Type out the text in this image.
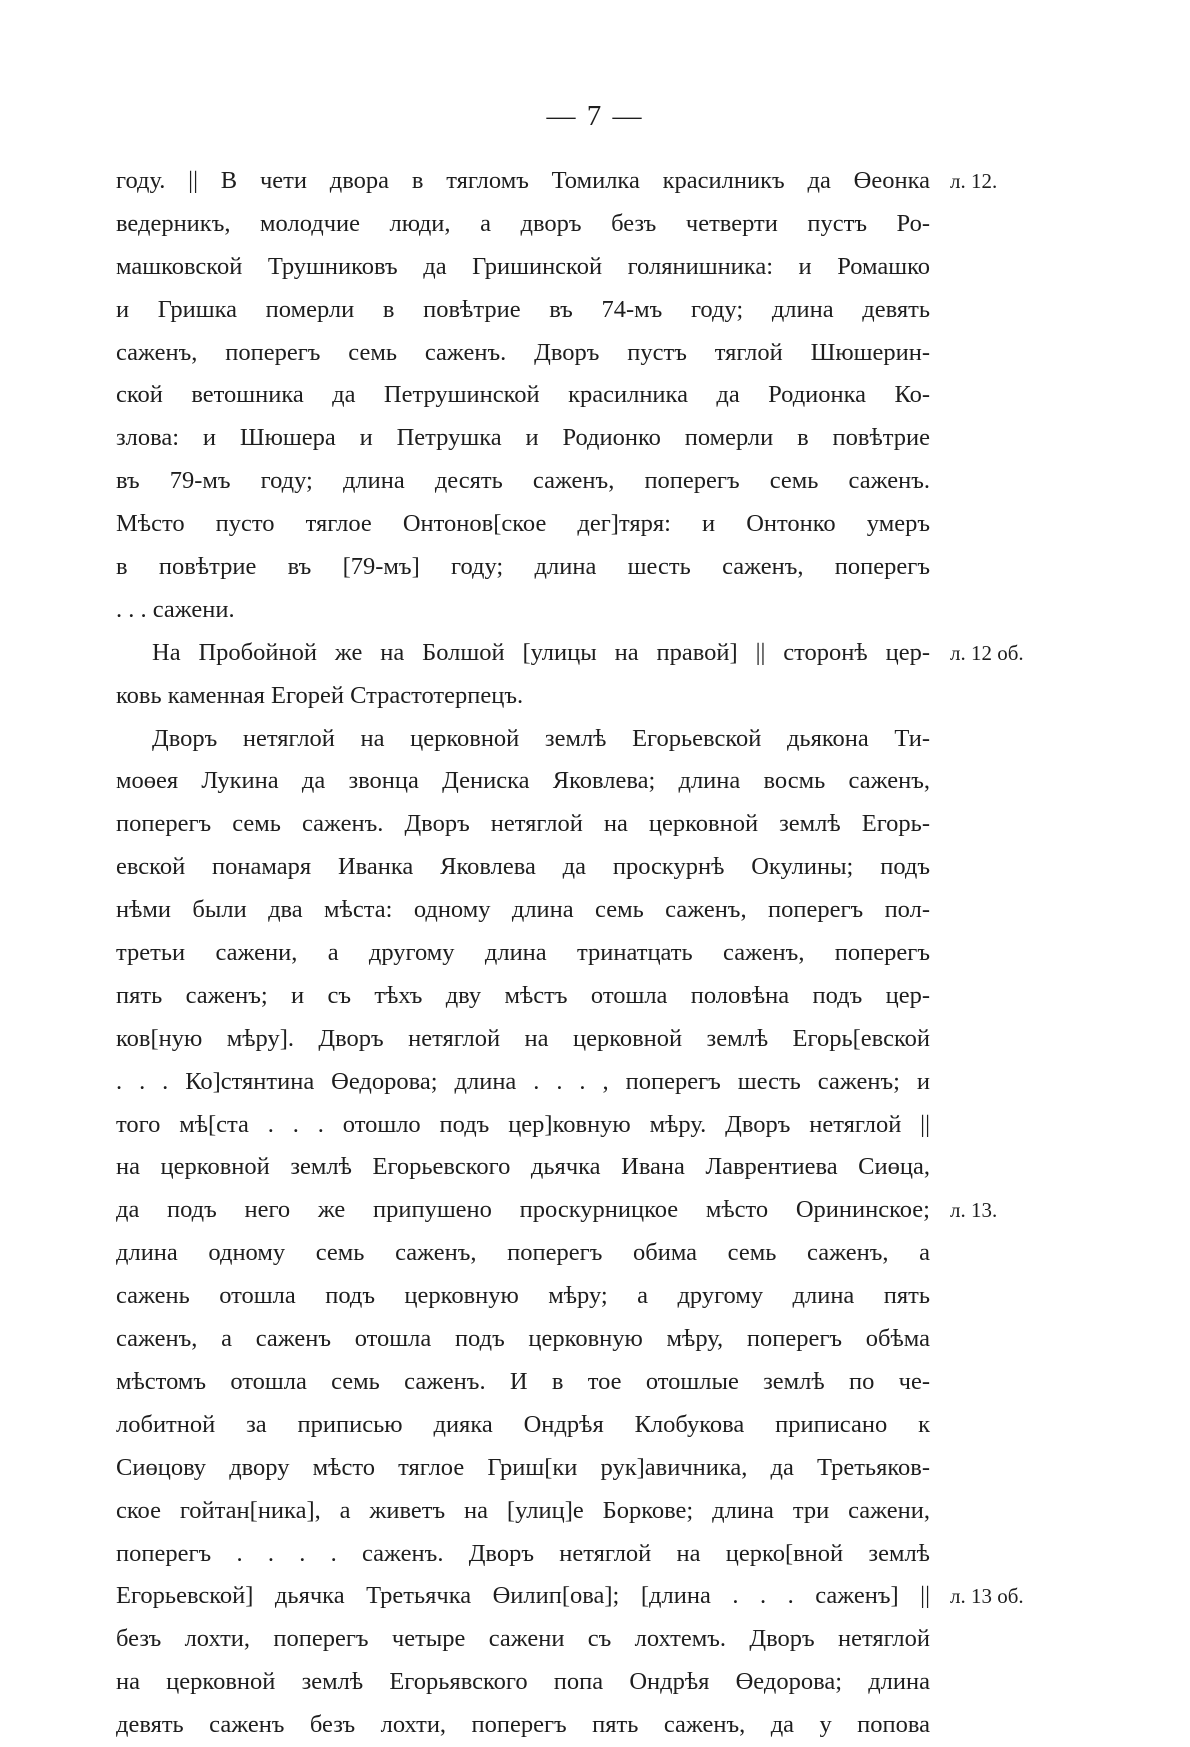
— 7 —
году. || В чети двора в тягломъ Томилка красилникъ да Өеонка
ведерникъ, молодчие люди, а дворъ безъ четверти пустъ Ро-
машковской Трушниковъ да Гришинской голянишника: и Ромашко
и Гришка померли в повѣтрие въ 74-мъ году; длина девять
саженъ, поперегъ семь саженъ. Дворъ пустъ тяглой Шюшерин-
ской ветошника да Петрушинской красилника да Родионка Ко-
злова: и Шюшера и Петрушка и Родионко померли в повѣтрие
въ 79-мъ году; длина десять саженъ, поперегъ семь саженъ.
Мѣсто пусто тяглое Онтонов[ское дег]тяря: и Онтонко умеръ
в повѣтрие въ [79-мъ] году; длина шесть саженъ, поперегъ
. . . сажени.
На Пробойной же на Болшой [улицы на правой] || сторонѣ цер-
ковь каменная Егорей Страстотерпецъ.
Дворъ нетяглой на церковной землѣ Егорьевской дьякона Ти-
моөея Лукина да звонца Дениска Яковлева; длина восмь саженъ,
поперегъ семь саженъ. Дворъ нетяглой на церковной землѣ Егорь-
евской понамаря Иванка Яковлева да проскурнѣ Окулины; подъ
нѣми были два мѣста: одному длина семь саженъ, поперегъ пол-
третьи сажени, а другому длина тринатцать саженъ, поперегъ
пять саженъ; и съ тѣхъ дву мѣстъ отошла половѣна подъ цер-
ков[ную мѣру]. Дворъ нетяглой на церковной землѣ Егорь[евской
. . . Ко]стянтина Өедорова; длина . . . , поперегъ шесть саженъ; и
того мѣ[ста . . . отошло подъ цер]ковную мѣру. Дворъ нетяглой ||
на церковной землѣ Егорьевского дьячка Ивана Лаврентиева Сиөца,
да подъ него же припушено проскурницкое мѣсто Орининское;
длина одному семь саженъ, поперегъ обима семь саженъ, а
сажень отошла подъ церковную мѣру; а другому длина пять
саженъ, а саженъ отошла подъ церковную мѣру, поперегъ обѣма
мѣстомъ отошла семь саженъ. И в тое отошлые землѣ по че-
лобитной за приписью дияка Ондрѣя Клобукова приписано к
Сиөцову двору мѣсто тяглое Гриш[ки рук]авичника, да Третьяков-
ское гойтан[ника], а живетъ на [улиц]е Боркове; длина три сажени,
поперегъ . . . . саженъ. Дворъ нетяглой на церко[вной землѣ
Егорьевской] дьячка Третьячка Өилип[ова]; [длина . . . саженъ] ||
безъ лохти, поперегъ четыре сажени съ лохтемъ. Дворъ нетяглой
на церковной землѣ Егорьявского попа Ондрѣя Өедорова; длина
девять саженъ безъ лохти, поперегъ пять саженъ, да у попова
л. 12.
л. 12 об.
л. 13.
л. 13 об.
